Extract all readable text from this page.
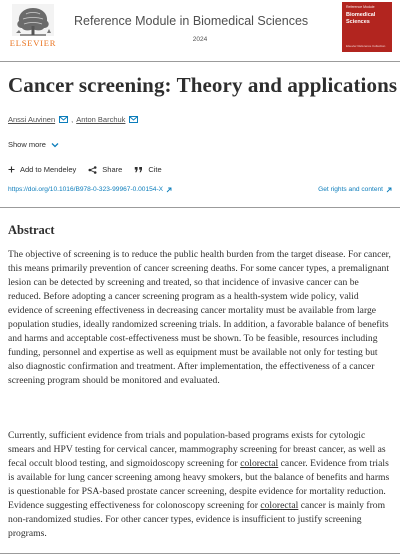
ELSEVIER
Reference Module in Biomedical Sciences
2024
Reference Module
Biomedical
Sciences
Elsevier Reference Collection
Cancer screening: Theory and applications
Anssi Auvinen , Anton Barchuk
Show more
Add to Mendeley	Share	Cite
https://doi.org/10.1016/B978-0-323-99967-0.00154-X	Get rights and content
Abstract

The objective of screening is to reduce the public health burden from the target disease. For cancer, this means primarily prevention of cancer screening deaths. For some cancer types, a premalignant lesion can be detected by screening and treated, so that incidence of invasive cancer can be reduced. Before adopting a cancer screening program as a health-system wide policy, valid evidence of screening effectiveness in decreasing cancer mortality must be available from large population studies, ideally randomized screening trials. In addition, a favorable balance of benefits and harms and acceptable cost-effectiveness must be shown. To be feasible, resources including funding, personnel and expertise as well as equipment must be available not only for testing but also diagnostic confirmation and treatment. After implementation, the effectiveness of a cancer screening program should be monitored and evaluated.

Currently, sufficient evidence from trials and population-based programs exists for cytologic smears and HPV testing for cervical cancer, mammography screening for breast cancer, as well as fecal occult blood testing, and sigmoidoscopy screening for colorectal cancer. Evidence from trials is available for lung cancer screening among heavy smokers, but the balance of benefits and harms is questionable for PSA-based prostate cancer screening, despite evidence for mortality reduction. Evidence suggesting effectiveness for colonoscopy screening for colorectal cancer is mainly from non-randomized studies. For other cancer types, evidence is insufficient to justify screening programs.
